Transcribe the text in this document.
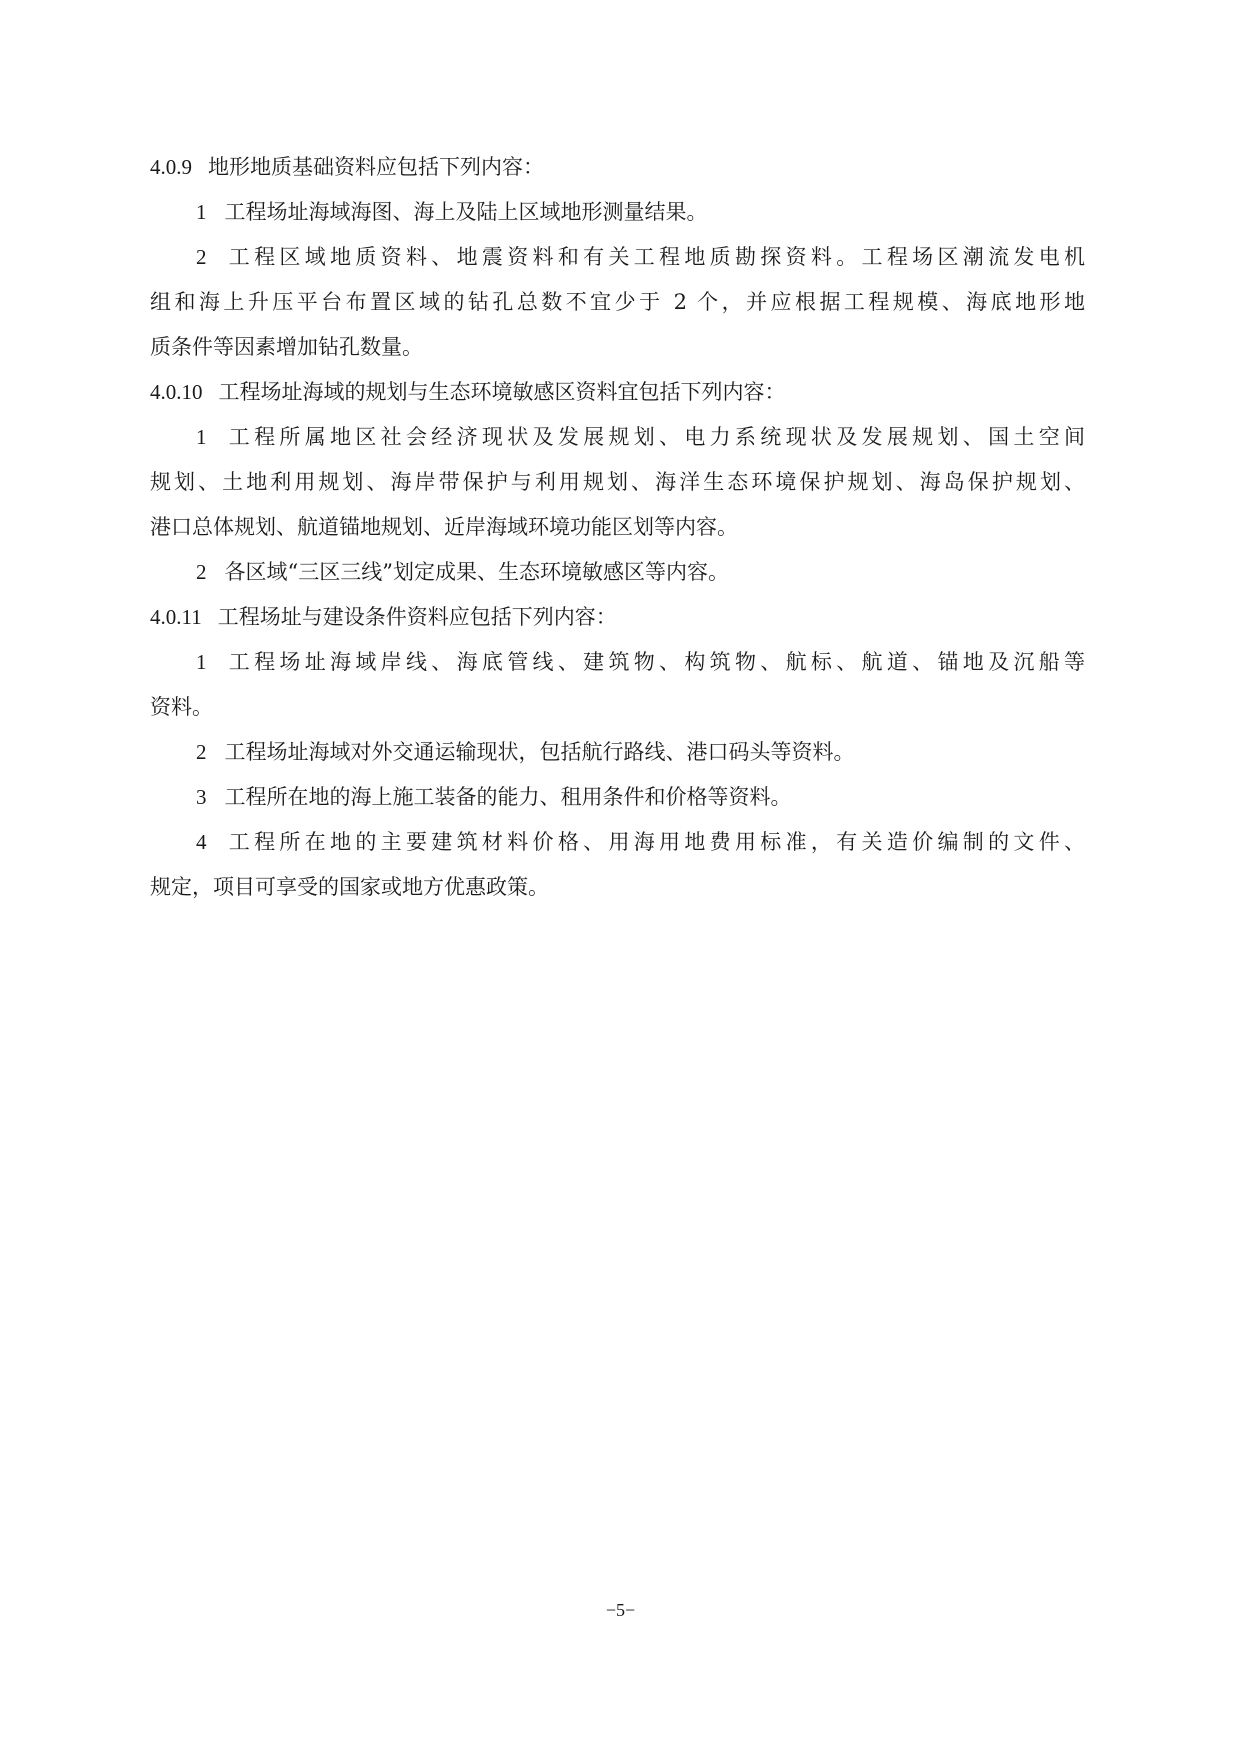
4.0.9 地形地质基础资料应包括下列内容：
1 工程场址海域海图、海上及陆上区域地形测量结果。
2 工程区域地质资料、地震资料和有关工程地质勘探资料。工程场区潮流发电机
组和海上升压平台布置区域的钻孔总数不宜少于 2 个，并应根据工程规模、海底地形地
质条件等因素增加钻孔数量。
4.0.10 工程场址海域的规划与生态环境敏感区资料宜包括下列内容：
1 工程所属地区社会经济现状及发展规划、电力系统现状及发展规划、国土空间
规划、土地利用规划、海岸带保护与利用规划、海洋生态环境保护规划、海岛保护规划、
港口总体规划、航道锚地规划、近岸海域环境功能区划等内容。
2 各区域“三区三线”划定成果、生态环境敏感区等内容。
4.0.11 工程场址与建设条件资料应包括下列内容：
1 工程场址海域岸线、海底管线、建筑物、构筑物、航标、航道、锚地及沉船等
资料。
2 工程场址海域对外交通运输现状，包括航行路线、港口码头等资料。
3 工程所在地的海上施工装备的能力、租用条件和价格等资料。
4 工程所在地的主要建筑材料价格、用海用地费用标准，有关造价编制的文件、
规定，项目可享受的国家或地方优惠政策。
−5−
